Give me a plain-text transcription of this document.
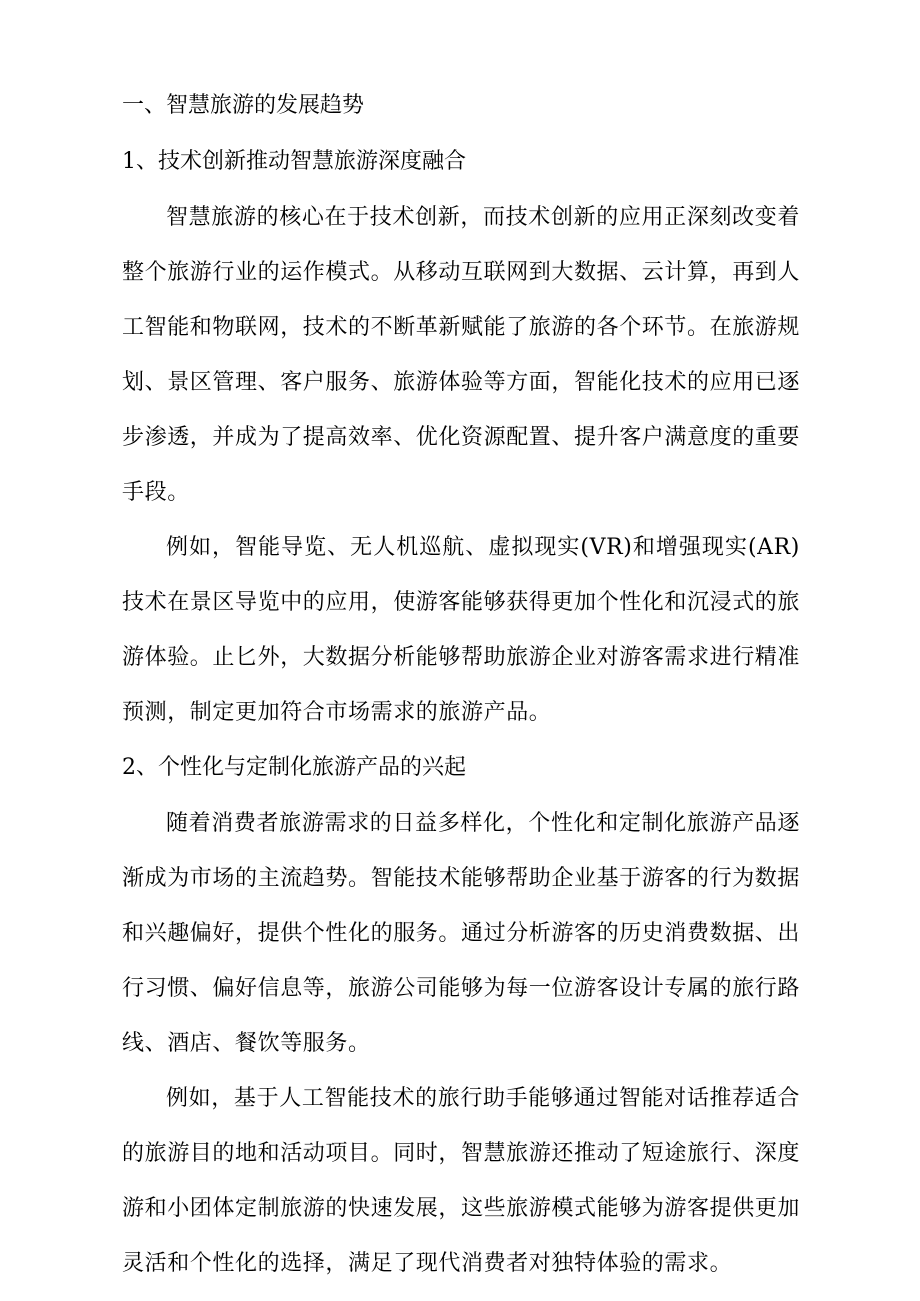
一、智慧旅游的发展趋势

1、技术创新推动智慧旅游深度融合

智慧旅游的核心在于技术创新，而技术创新的应用正深刻改变着整个旅游行业的运作模式。从移动互联网到大数据、云计算，再到人工智能和物联网，技术的不断革新赋能了旅游的各个环节。在旅游规划、景区管理、客户服务、旅游体验等方面，智能化技术的应用已逐步渗透，并成为了提高效率、优化资源配置、提升客户满意度的重要手段。

例如，智能导览、无人机巡航、虚拟现实(VR)和增强现实(AR)技术在景区导览中的应用，使游客能够获得更加个性化和沉浸式的旅游体验。止匕外，大数据分析能够帮助旅游企业对游客需求进行精准预测，制定更加符合市场需求的旅游产品。

2、个性化与定制化旅游产品的兴起

随着消费者旅游需求的日益多样化，个性化和定制化旅游产品逐渐成为市场的主流趋势。智能技术能够帮助企业基于游客的行为数据和兴趣偏好，提供个性化的服务。通过分析游客的历史消费数据、出行习惯、偏好信息等，旅游公司能够为每一位游客设计专属的旅行路线、酒店、餐饮等服务。

例如，基于人工智能技术的旅行助手能够通过智能对话推荐适合的旅游目的地和活动项目。同时，智慧旅游还推动了短途旅行、深度游和小团体定制旅游的快速发展，这些旅游模式能够为游客提供更加灵活和个性化的选择，满足了现代消费者对独特体验的需求。
